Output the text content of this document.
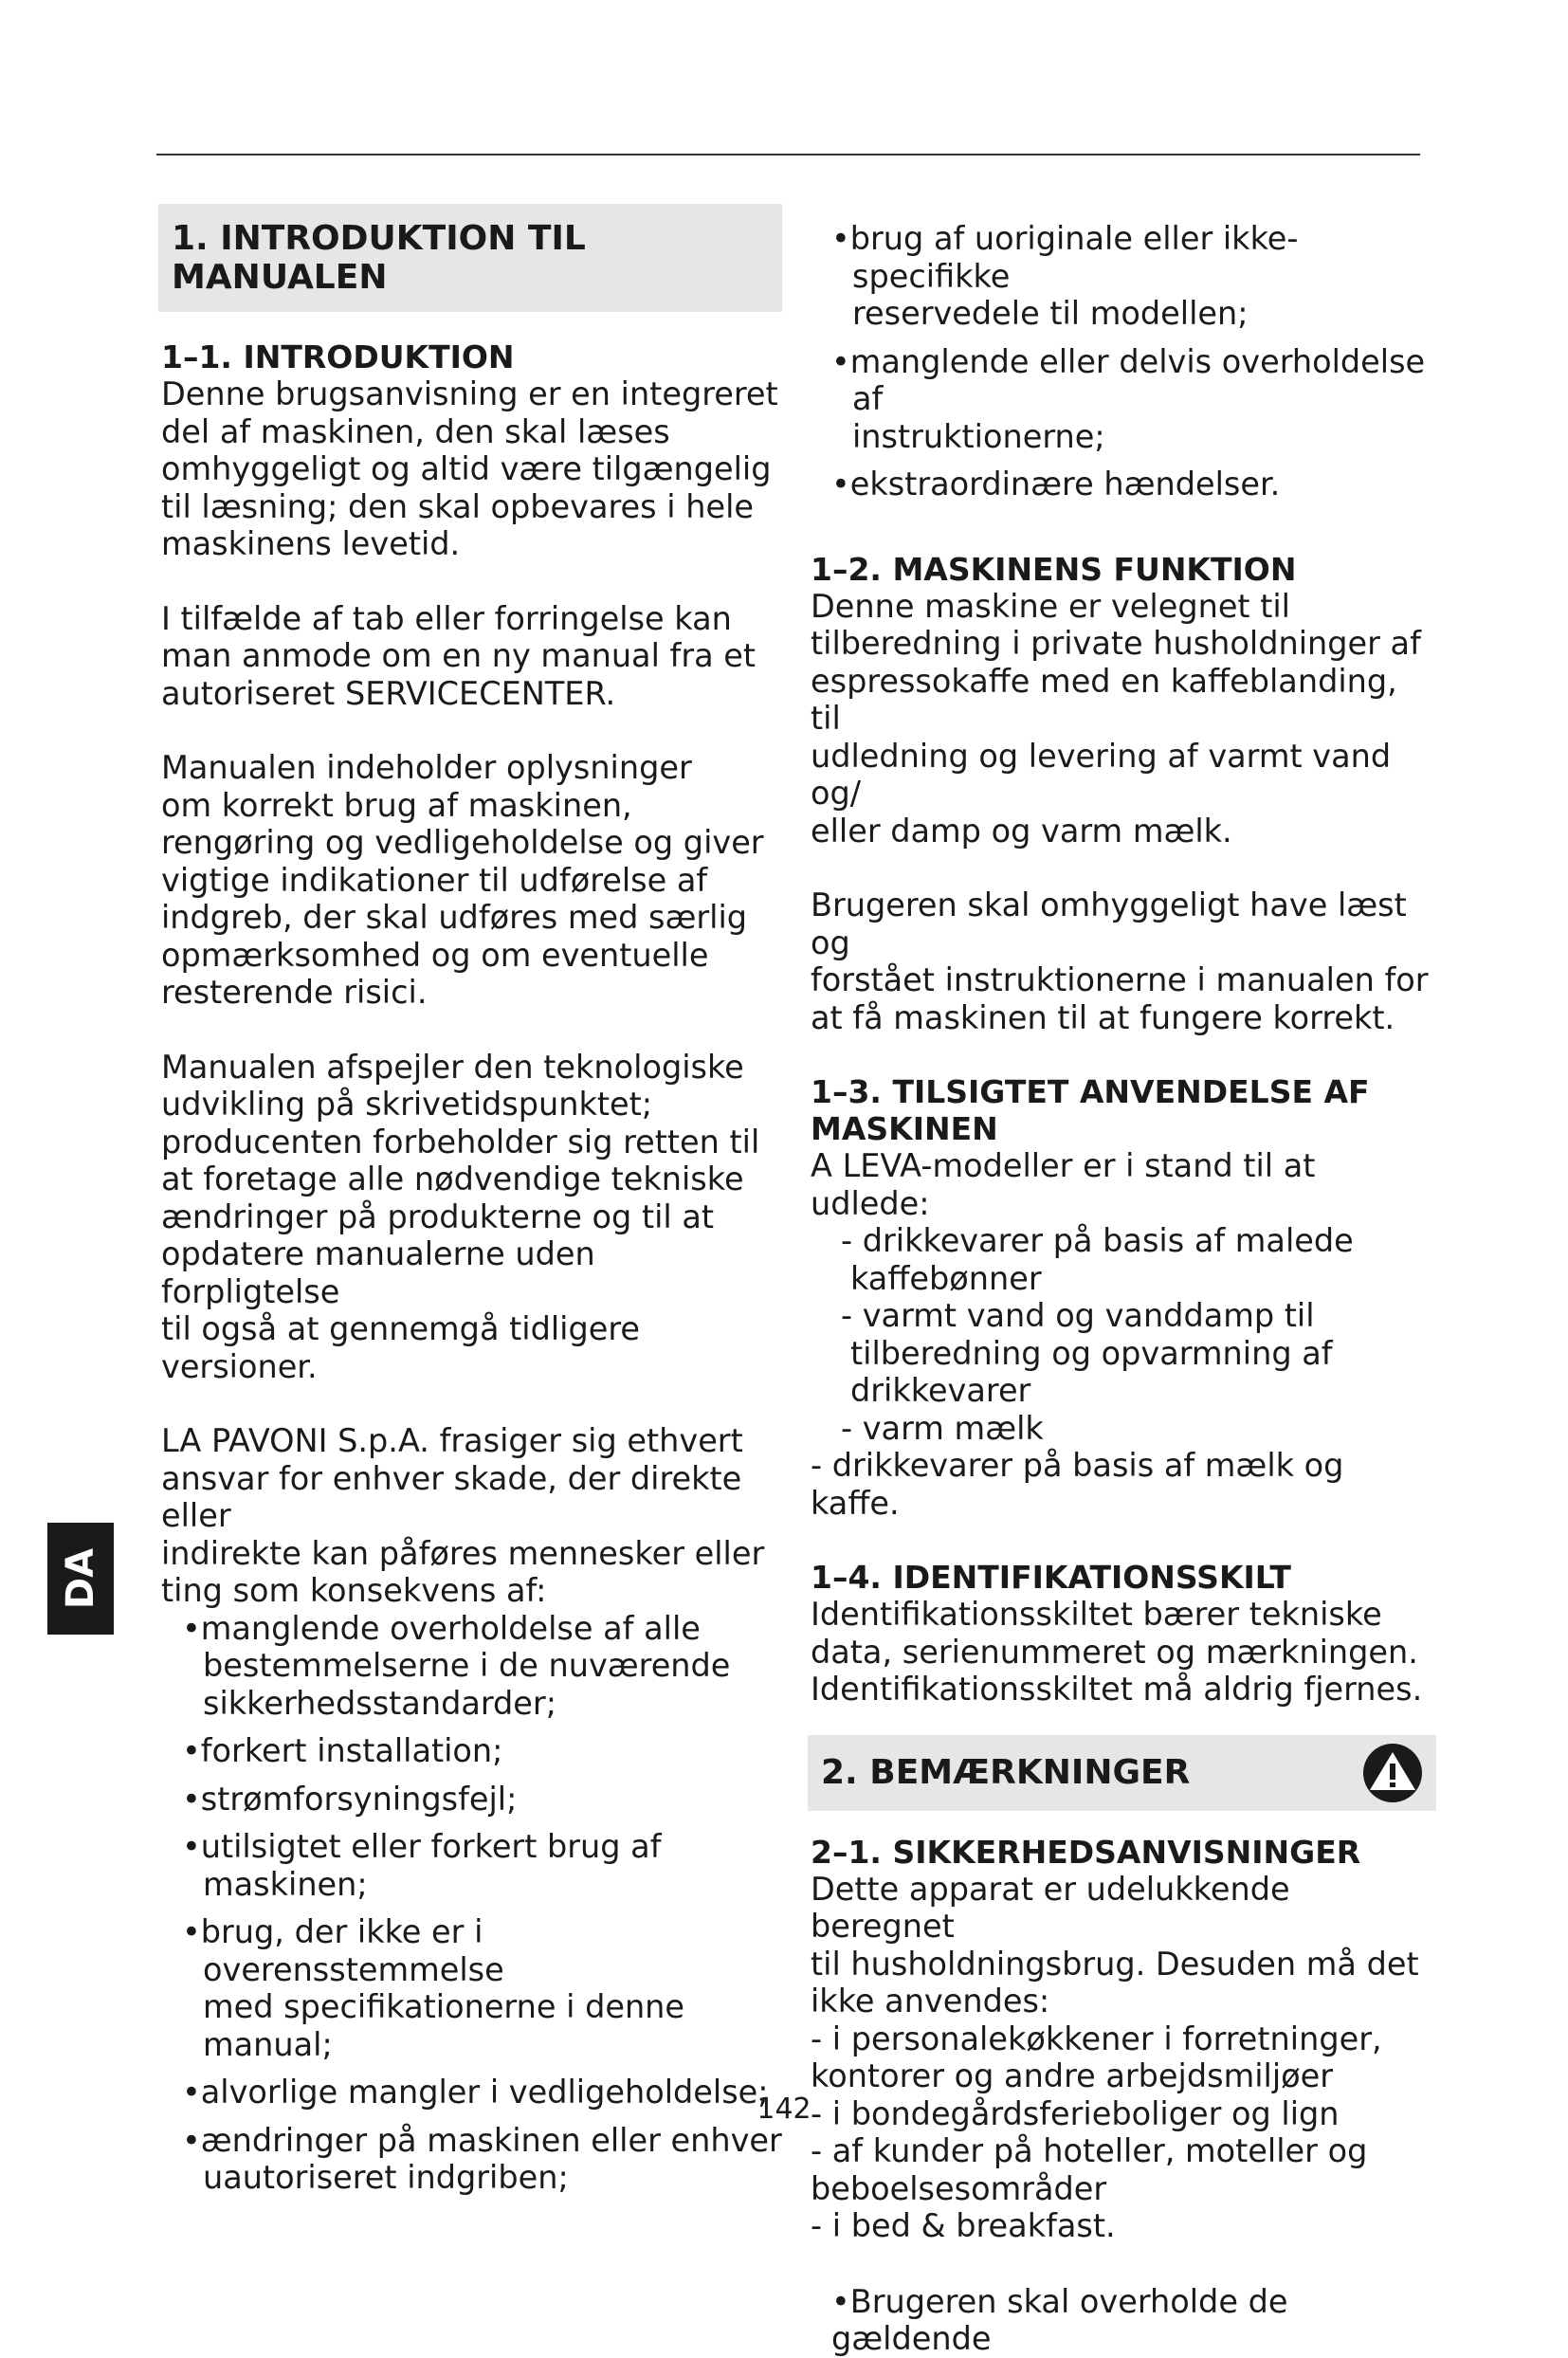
1. INTRODUKTION TIL
MANUALEN
1–1. INTRODUKTION

Denne brugsanvisning er en integreret
del af maskinen, den skal læses
omhyggeligt og altid være tilgængelig
til læsning; den skal opbevares i hele
maskinens levetid.

I tilfælde af tab eller forringelse kan
man anmode om en ny manual fra et
autoriseret SERVICECENTER.

Manualen indeholder oplysninger
om korrekt brug af maskinen,
rengøring og vedligeholdelse og giver
vigtige indikationer til udførelse af
indgreb, der skal udføres med særlig
opmærksomhed og om eventuelle
resterende risici.

Manualen afspejler den teknologiske
udvikling på skrivetidspunktet;
producenten forbeholder sig retten til
at foretage alle nødvendige tekniske
ændringer på produkterne og til at
opdatere manualerne uden forpligtelse
til også at gennemgå tidligere versioner.

LA PAVONI S.p.A. frasiger sig ethvert
ansvar for enhver skade, der direkte
eller
indirekte kan påføres mennesker eller
ting som konsekvens af:

•manglende overholdelse af alle
bestemmelserne i de nuværende
sikkerhedsstandarder;

•forkert installation;

•strømforsyningsfejl;

•utilsigtet eller forkert brug af
maskinen;

•brug, der ikke er i overensstemmelse
med specifikationerne i denne manual;

•alvorlige mangler i vedligeholdelse;

•ændringer på maskinen eller enhver
uautoriseret indgriben;

•brug af uoriginale eller ikke-specifikke
reservedele til modellen;

•manglende eller delvis overholdelse af
instruktionerne;

•ekstraordinære hændelser.

1–2. MASKINENS FUNKTION

Denne maskine er velegnet til
tilberedning i private husholdninger af
espressokaffe med en kaffeblanding, til
udledning og levering af varmt vand og/
eller damp og varm mælk.

Brugeren skal omhyggeligt have læst og
forstået instruktionerne i manualen for
at få maskinen til at fungere korrekt.

1–3. TILSIGTET ANVENDELSE AF
MASKINEN

A LEVA-modeller er i stand til at udlede:

- drikkevarer på basis af malede
kaffebønner

- varmt vand og vanddamp til
tilberedning og opvarmning af
drikkevarer

- varm mælk

- drikkevarer på basis af mælk og kaffe.

1–4. IDENTIFIKATIONSSKILT

Identifikationsskiltet bærer tekniske
data, serienummeret og mærkningen.
Identifikationsskiltet må aldrig fjernes.

2. BEMÆRKNINGER
2–1. SIKKERHEDSANVISNINGER

Dette apparat er udelukkende beregnet
til husholdningsbrug. Desuden må det
ikke anvendes:

- i personalekøkkener i forretninger,
kontorer og andre arbejdsmiljøer
- i bondegårdsferieboliger og lign
- af kunder på hoteller, moteller og
beboelsesområder
- i bed & breakfast.

•Brugeren skal overholde de gældende

DA
142
